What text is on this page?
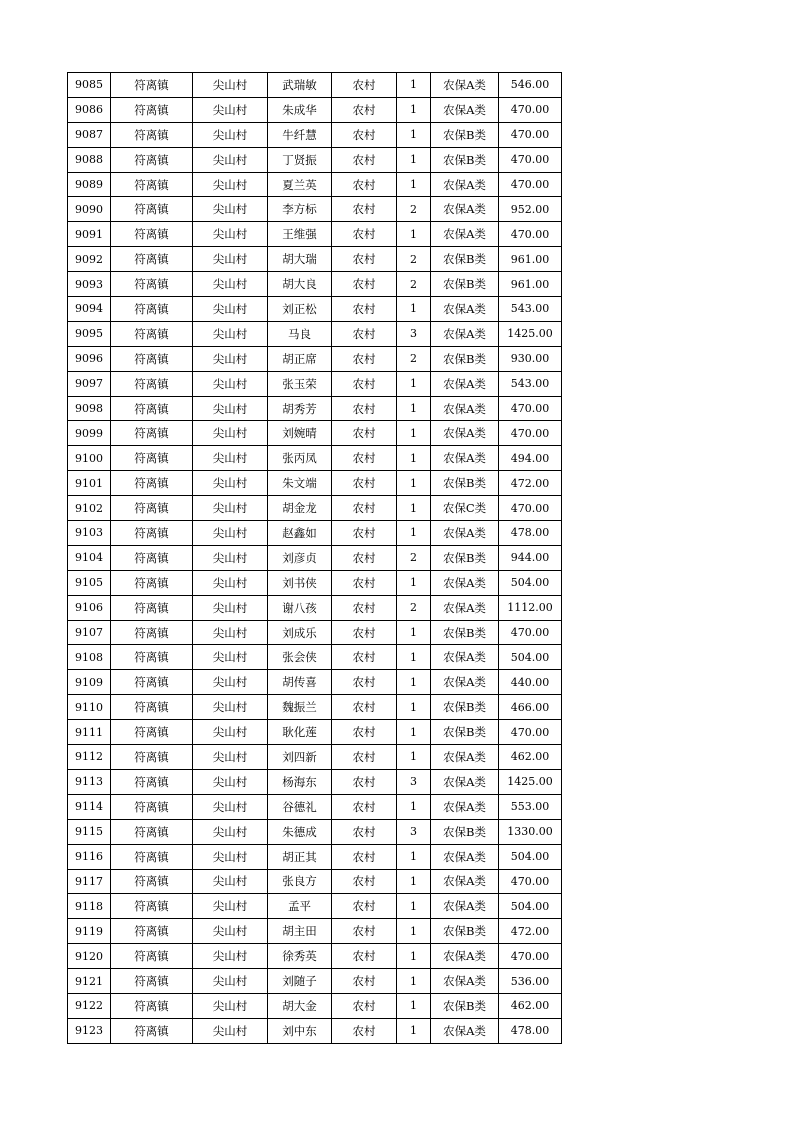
9085	符离镇	尖山村	武瑞敏	农村	1	农保A类	546.00
9086	符离镇	尖山村	朱成华	农村	1	农保A类	470.00
9087	符离镇	尖山村	牛纤慧	农村	1	农保B类	470.00
9088	符离镇	尖山村	丁贤振	农村	1	农保B类	470.00
9089	符离镇	尖山村	夏兰英	农村	1	农保A类	470.00
9090	符离镇	尖山村	李方标	农村	2	农保A类	952.00
9091	符离镇	尖山村	王维强	农村	1	农保A类	470.00
9092	符离镇	尖山村	胡大瑞	农村	2	农保B类	961.00
9093	符离镇	尖山村	胡大良	农村	2	农保B类	961.00
9094	符离镇	尖山村	刘正松	农村	1	农保A类	543.00
9095	符离镇	尖山村	马良	农村	3	农保A类	1425.00
9096	符离镇	尖山村	胡正席	农村	2	农保B类	930.00
9097	符离镇	尖山村	张玉荣	农村	1	农保A类	543.00
9098	符离镇	尖山村	胡秀芳	农村	1	农保A类	470.00
9099	符离镇	尖山村	刘婉晴	农村	1	农保A类	470.00
9100	符离镇	尖山村	张丙凤	农村	1	农保A类	494.00
9101	符离镇	尖山村	朱文端	农村	1	农保B类	472.00
9102	符离镇	尖山村	胡金龙	农村	1	农保C类	470.00
9103	符离镇	尖山村	赵鑫如	农村	1	农保A类	478.00
9104	符离镇	尖山村	刘彦贞	农村	2	农保B类	944.00
9105	符离镇	尖山村	刘书侠	农村	1	农保A类	504.00
9106	符离镇	尖山村	谢八孩	农村	2	农保A类	1112.00
9107	符离镇	尖山村	刘成乐	农村	1	农保B类	470.00
9108	符离镇	尖山村	张会侠	农村	1	农保A类	504.00
9109	符离镇	尖山村	胡传喜	农村	1	农保A类	440.00
9110	符离镇	尖山村	魏振兰	农村	1	农保B类	466.00
9111	符离镇	尖山村	耿化莲	农村	1	农保B类	470.00
9112	符离镇	尖山村	刘四新	农村	1	农保A类	462.00
9113	符离镇	尖山村	杨海东	农村	3	农保A类	1425.00
9114	符离镇	尖山村	谷德礼	农村	1	农保A类	553.00
9115	符离镇	尖山村	朱德成	农村	3	农保B类	1330.00
9116	符离镇	尖山村	胡正其	农村	1	农保A类	504.00
9117	符离镇	尖山村	张良方	农村	1	农保A类	470.00
9118	符离镇	尖山村	孟平	农村	1	农保A类	504.00
9119	符离镇	尖山村	胡主田	农村	1	农保B类	472.00
9120	符离镇	尖山村	徐秀英	农村	1	农保A类	470.00
9121	符离镇	尖山村	刘随子	农村	1	农保A类	536.00
9122	符离镇	尖山村	胡大金	农村	1	农保B类	462.00
9123	符离镇	尖山村	刘中东	农村	1	农保A类	478.00
